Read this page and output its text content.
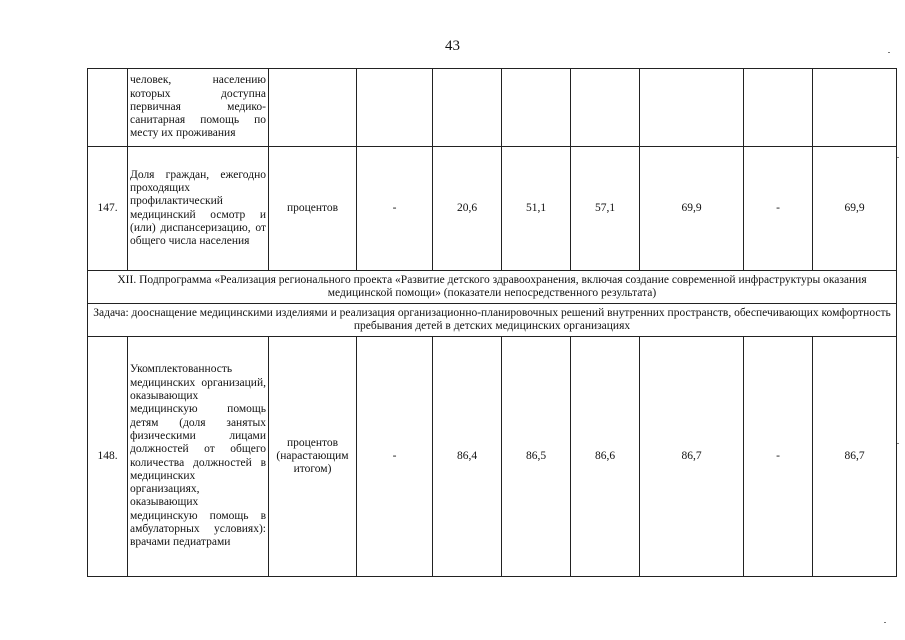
43
	человек, населению которых доступна первичная медико-санитарная помощь по месту их проживания								
147.	Доля граждан, ежегодно проходящих профилактический медицинский осмотр и (или) диспансеризацию, от общего числа населения	процентов	-	20,6	51,1	57,1	69,9	-	69,9
XII. Подпрограмма «Реализация регионального проекта «Развитие детского здравоохранения, включая создание современной инфраструктуры оказания медицинской помощи» (показатели непосредственного результата)									
Задача: дооснащение медицинскими изделиями и реализация организационно-планировочных решений внутренних пространств, обеспечивающих комфортность пребывания детей в детских медицинских организациях									
148.	Укомплектованность медицинских организаций, оказывающих медицинскую помощь детям (доля занятых физическими лицами должностей от общего количества должностей в медицинских организациях, оказывающих медицинскую помощь в амбулаторных условиях): врачами педиатрами	процентов (нарастающим итогом)	-	86,4	86,5	86,6	86,7	-	86,7
